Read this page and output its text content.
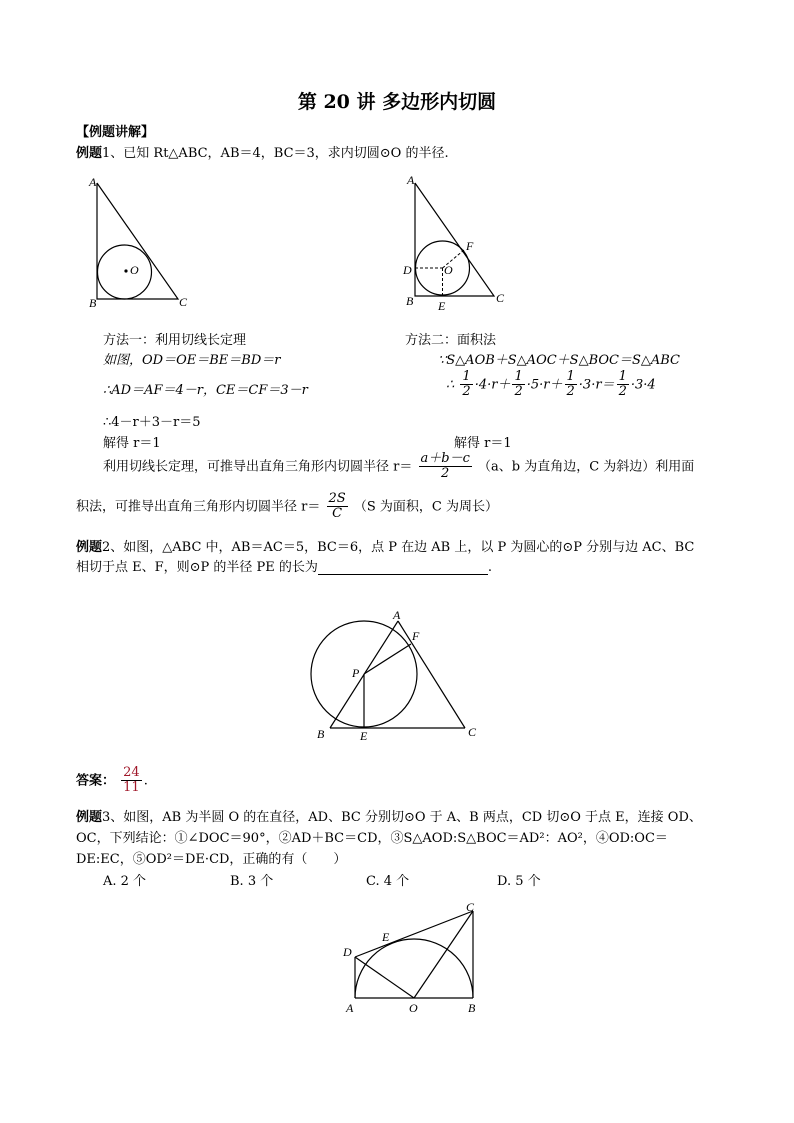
第 20 讲 多边形内切圆
【例题讲解】
例题1、已知 Rt△ABC，AB＝4，BC＝3，求内切圆⊙O 的半径.
A
B	C
O
A
B	C
D
E
F
O
方法一：利用切线长定理
如图，OD＝OE＝BE＝BD＝r
∴AD＝AF＝4－r，CE＝CF＝3－r
∴4－r＋3－r＝5
解得 r＝1
方法二：面积法
∵S△AOB＋S△AOC＋S△BOC＝S△ABC
∴ $\frac{1}{2} \cdot 4\cdot r+ \frac{1}{2} \cdot 5\cdot r+ \frac{1}{2} \cdot 3\cdot r= \frac{1}{2} \cdot 3\cdot 4$
解得 r＝1
利用切线长定理，可推导出直角三角形内切圆半径 $r= \frac{a+b-c}{2} (a$、b 为直角边，C 为斜边）利用面
积法，可推导出直角三角形内切圆半径 $r= \frac{2S}{C} (S$ 为面积，C 为周长）
例题2、如图，△ABC 中，AB＝AC＝5，BC＝6，点 P 在边 AB 上，以 P 为圆心的⊙P 分别与边 AC、BC
相切于点 E、F，则⊙P 的半径 PE 的长为	.
A
B	C
E
F
P
答案： $\frac{24}{11}$ .
例题3、如图，AB 为半圆 O 的在直径，AD、BC 分别切⊙O 于 A、B 两点，CD 切⊙O 于点 E，连接 OD、
OC，下列结论：①∠DOC＝90°，②AD＋BC＝CD，③S△AOD:S△BOC＝AD²：AO²，④OD:OC＝
DE:EC，⑤OD²＝DE·CD，正确的有（　　）
A. 2 个	B. 3 个	C. 4 个	D. 5 个
A	B
C
D
E
O
